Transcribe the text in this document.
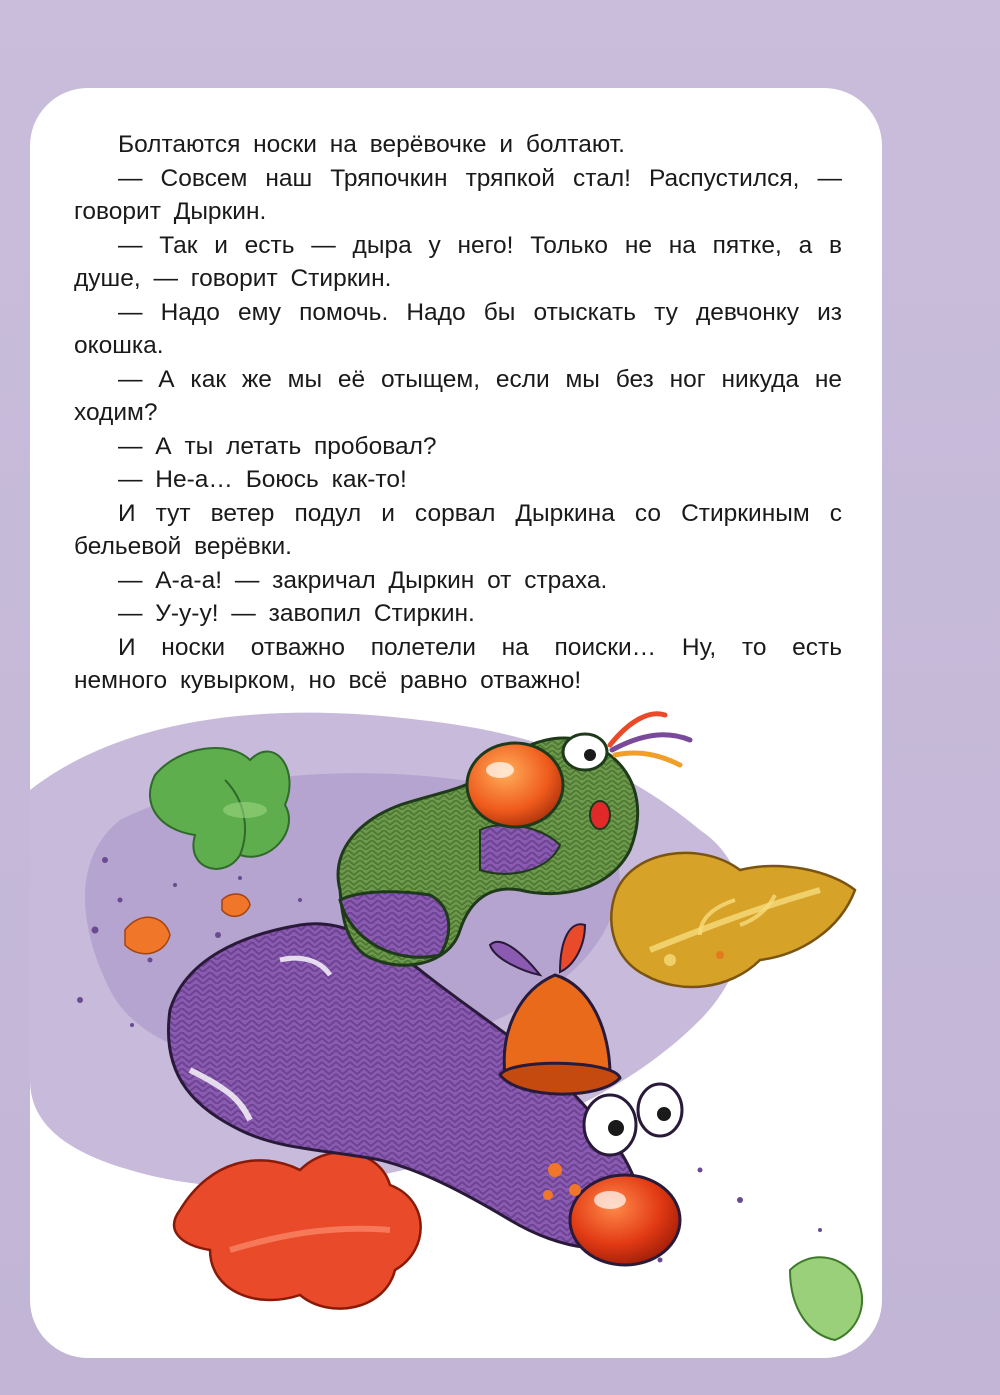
Болтаются носки на верёвочке и болтают.

— Совсем наш Тряпочкин тряпкой стал! Распустился, — говорит Дыркин.

— Так и есть — дыра у него! Только не на пятке, а в душе, — говорит Стиркин.

— Надо ему помочь. Надо бы отыскать ту девчонку из окошка.

— А как же мы её отыщем, если мы без ног никуда не ходим?

— А ты летать пробовал?

— Не-а… Боюсь как-то!

И тут ветер подул и сорвал Дыркина со Стиркиным с бельевой верёвки.

— А-а-а! — закричал Дыркин от страха.

— У-у-у! — завопил Стиркин.

И носки отважно полетели на поиски… Ну, то есть немного кувырком, но всё равно отважно!
